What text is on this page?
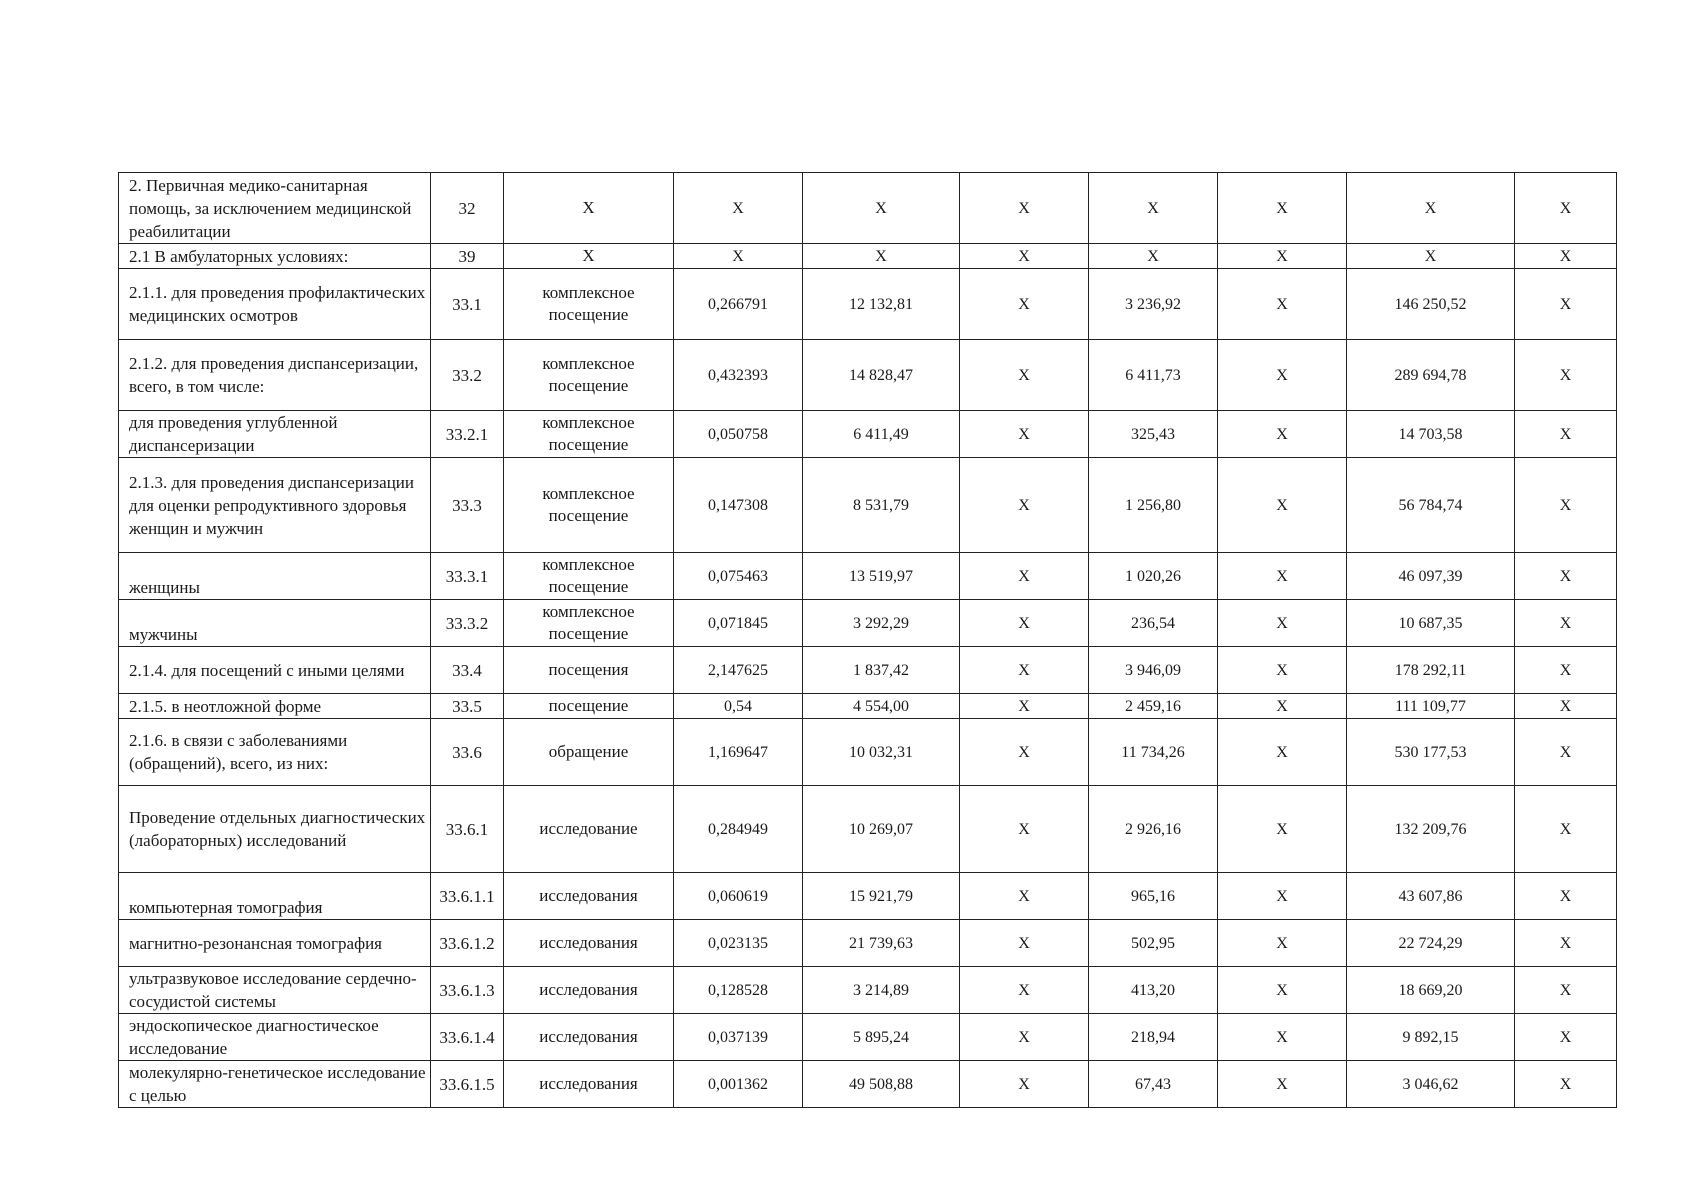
2. Первичная медико-санитарная помощь, за исключением медицинской реабилитации	32	X	X	X	X	X	X	X	X
2.1 В амбулаторных условиях:	39	X	X	X	X	X	X	X	X
2.1.1. для проведения профилактических медицинских осмотров	33.1	комплексное посещение	0,266791	12 132,81	X	3 236,92	X	146 250,52	X
2.1.2. для проведения диспансеризации, всего, в том числе:	33.2	комплексное посещение	0,432393	14 828,47	X	6 411,73	X	289 694,78	X
для проведения углубленной диспансеризации	33.2.1	комплексное посещение	0,050758	6 411,49	X	325,43	X	14 703,58	X
2.1.3. для проведения диспансеризации для оценки репродуктивного здоровья женщин и мужчин	33.3	комплексное посещение	0,147308	8 531,79	X	1 256,80	X	56 784,74	X
женщины	33.3.1	комплексное посещение	0,075463	13 519,97	X	1 020,26	X	46 097,39	X
мужчины	33.3.2	комплексное посещение	0,071845	3 292,29	X	236,54	X	10 687,35	X
2.1.4. для посещений с иными целями	33.4	посещения	2,147625	1 837,42	X	3 946,09	X	178 292,11	X
2.1.5. в неотложной форме	33.5	посещение	0,54	4 554,00	X	2 459,16	X	111 109,77	X
2.1.6. в связи с заболеваниями (обращений), всего, из них:	33.6	обращение	1,169647	10 032,31	X	11 734,26	X	530 177,53	X
Проведение отдельных диагностических (лабораторных) исследований	33.6.1	исследование	0,284949	10 269,07	X	2 926,16	X	132 209,76	X
компьютерная томография	33.6.1.1	исследования	0,060619	15 921,79	X	965,16	X	43 607,86	X
магнитно-резонансная томография	33.6.1.2	исследования	0,023135	21 739,63	X	502,95	X	22 724,29	X
ультразвуковое исследование сердечно-сосудистой системы	33.6.1.3	исследования	0,128528	3 214,89	X	413,20	X	18 669,20	X
эндоскопическое диагностическое исследование	33.6.1.4	исследования	0,037139	5 895,24	X	218,94	X	9 892,15	X
молекулярно-генетическое исследование с целью	33.6.1.5	исследования	0,001362	49 508,88	X	67,43	X	3 046,62	X
